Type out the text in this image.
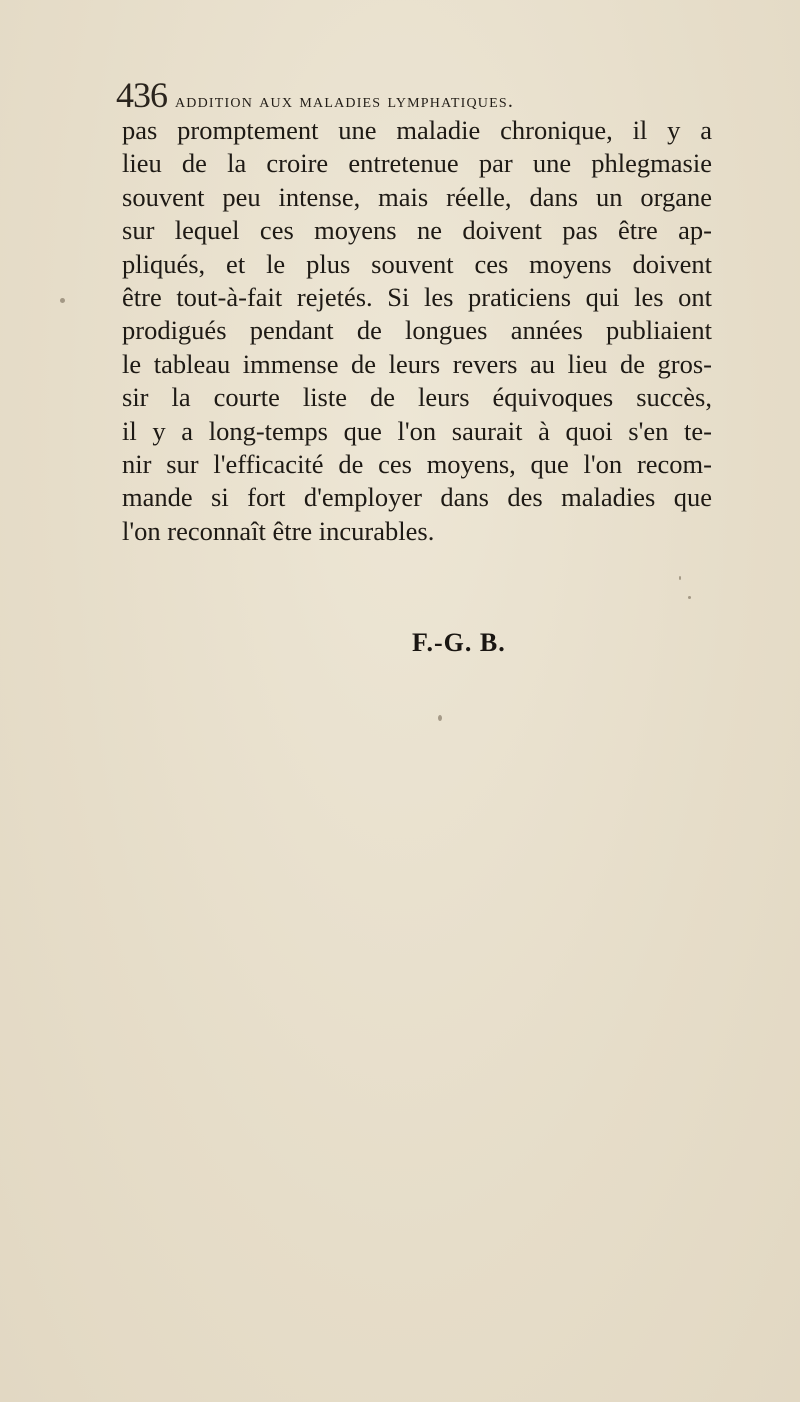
436 addition aux maladies lymphatiques.
pas promptement une maladie chronique, il y a
lieu de la croire entretenue par une phlegmasie
souvent peu intense, mais réelle, dans un organe
sur lequel ces moyens ne doivent pas être ap-
pliqués, et le plus souvent ces moyens doivent
être tout-à-fait rejetés. Si les praticiens qui les ont
prodigués pendant de longues années publiaient
le tableau immense de leurs revers au lieu de gros-
sir la courte liste de leurs équivoques succès,
il y a long-temps que l'on saurait à quoi s'en te-
nir sur l'efficacité de ces moyens, que l'on recom-
mande si fort d'employer dans des maladies que
l'on reconnaît être incurables.
F.-G. B.
